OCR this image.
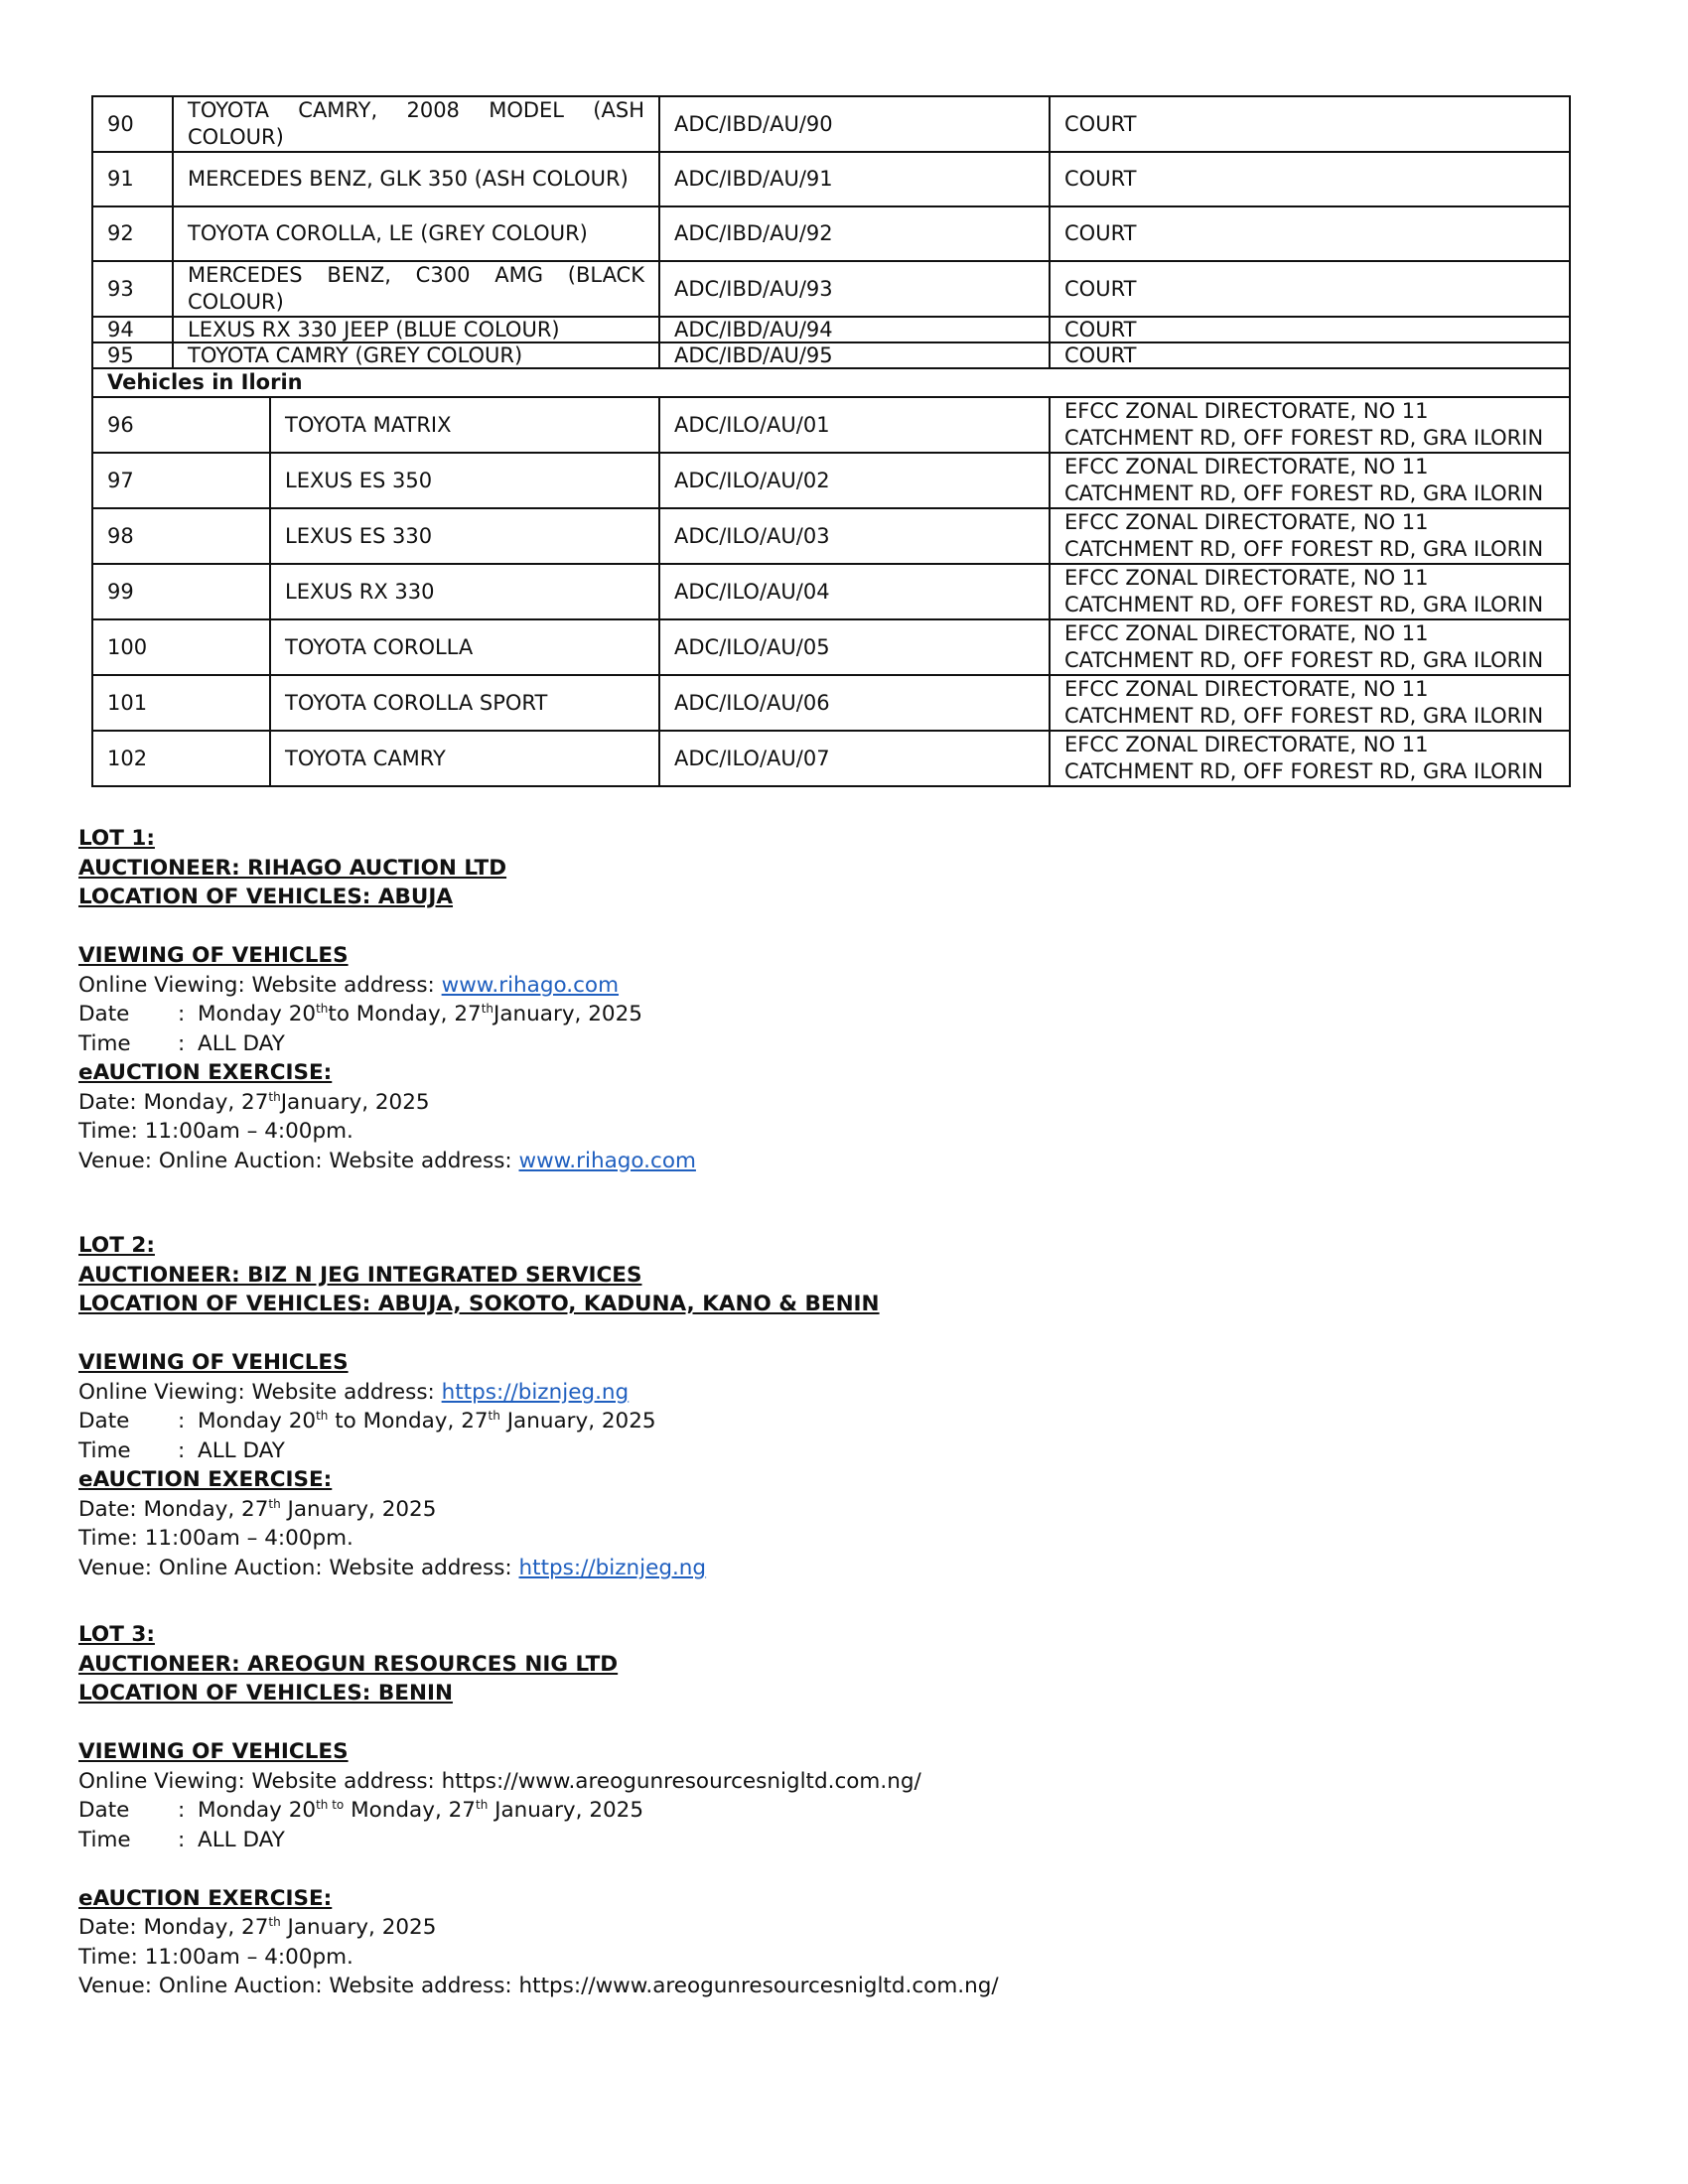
90	TOYOTA CAMRY, 2008 MODEL (ASH COLOUR)	ADC/IBD/AU/90	COURT
91	MERCEDES BENZ, GLK 350 (ASH COLOUR)	ADC/IBD/AU/91	COURT
92	TOYOTA COROLLA, LE (GREY COLOUR)	ADC/IBD/AU/92	COURT
93	MERCEDES BENZ, C300 AMG (BLACK COLOUR)	ADC/IBD/AU/93	COURT
94	LEXUS RX 330 JEEP (BLUE COLOUR)	ADC/IBD/AU/94	COURT
95	TOYOTA CAMRY (GREY COLOUR)	ADC/IBD/AU/95	COURT
Vehicles in Ilorin
96	TOYOTA MATRIX	ADC/ILO/AU/01	EFCC ZONAL DIRECTORATE, NO 11 CATCHMENT RD, OFF FOREST RD, GRA ILORIN
97	LEXUS ES 350	ADC/ILO/AU/02	EFCC ZONAL DIRECTORATE, NO 11 CATCHMENT RD, OFF FOREST RD, GRA ILORIN
98	LEXUS ES 330	ADC/ILO/AU/03	EFCC ZONAL DIRECTORATE, NO 11 CATCHMENT RD, OFF FOREST RD, GRA ILORIN
99	LEXUS RX 330	ADC/ILO/AU/04	EFCC ZONAL DIRECTORATE, NO 11 CATCHMENT RD, OFF FOREST RD, GRA ILORIN
100	TOYOTA COROLLA	ADC/ILO/AU/05	EFCC ZONAL DIRECTORATE, NO 11 CATCHMENT RD, OFF FOREST RD, GRA ILORIN
101	TOYOTA COROLLA SPORT	ADC/ILO/AU/06	EFCC ZONAL DIRECTORATE, NO 11 CATCHMENT RD, OFF FOREST RD, GRA ILORIN
102	TOYOTA CAMRY	ADC/ILO/AU/07	EFCC ZONAL DIRECTORATE, NO 11 CATCHMENT RD, OFF FOREST RD, GRA ILORIN
LOT 1:
AUCTIONEER: RIHAGO AUCTION LTD
LOCATION OF VEHICLES: ABUJA
VIEWING OF VEHICLES
Online Viewing: Website address: www.rihago.com
Date : Monday 20thto Monday, 27thJanuary, 2025
Time : ALL DAY
eAUCTION EXERCISE:
Date: Monday, 27thJanuary, 2025
Time: 11:00am – 4:00pm.
Venue: Online Auction: Website address: www.rihago.com
LOT 2:
AUCTIONEER: BIZ N JEG INTEGRATED SERVICES
LOCATION OF VEHICLES: ABUJA, SOKOTO, KADUNA, KANO & BENIN
VIEWING OF VEHICLES
Online Viewing: Website address: https://biznjeg.ng
Date : Monday 20th to Monday, 27th January, 2025
Time : ALL DAY
eAUCTION EXERCISE:
Date: Monday, 27th January, 2025
Time: 11:00am – 4:00pm.
Venue: Online Auction: Website address: https://biznjeg.ng
LOT 3:
AUCTIONEER: AREOGUN RESOURCES NIG LTD
LOCATION OF VEHICLES: BENIN
VIEWING OF VEHICLES
Online Viewing: Website address: https://www.areogunresourcesnigltd.com.ng/
Date : Monday $20^{th to}$ Monday, 27th January, 2025
Time : ALL DAY
eAUCTION EXERCISE:
Date: Monday, 27th January, 2025
Time: 11:00am – 4:00pm.
Venue: Online Auction: Website address: https://www.areogunresourcesnigltd.com.ng/
